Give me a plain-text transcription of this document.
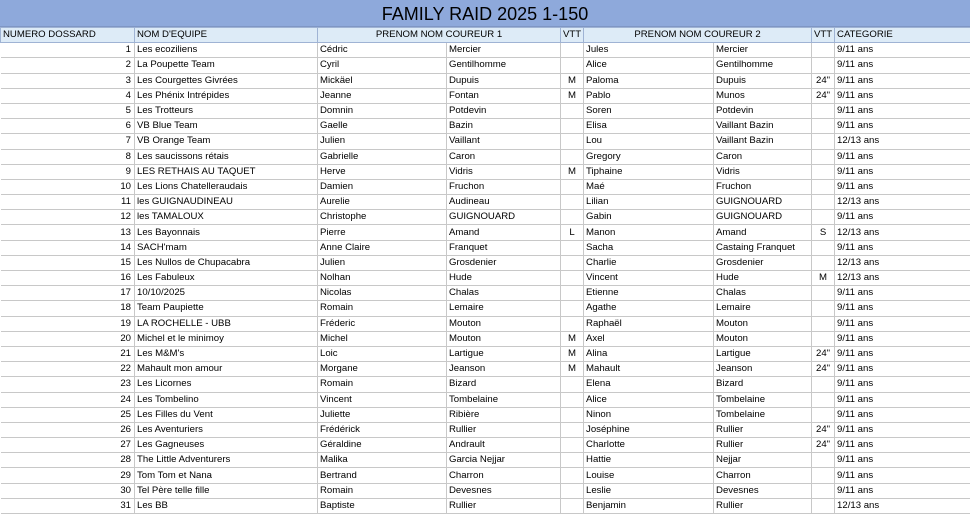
FAMILY RAID 2025 1-150
NUMERO DOSSARD	NOM D'EQUIPE	PRENOM NOM COUREUR 1		VTT	PRENOM NOM COUREUR 2		VTT	CATEGORIE
1	Les ecoziliens	Cédric	Mercier		Jules	Mercier		9/11 ans
2	La Poupette Team	Cyril	Gentilhomme		Alice	Gentilhomme		9/11 ans
3	Les Courgettes Givrées	Mickäel	Dupuis	M	Paloma	Dupuis	24"	9/11 ans
4	Les Phénix Intrépides	Jeanne	Fontan	M	Pablo	Munos	24"	9/11 ans
5	Les Trotteurs	Domnin	Potdevin		Soren	Potdevin		9/11 ans
6	VB Blue Team	Gaelle	Bazin		Elisa	Vaillant Bazin		9/11 ans
7	VB Orange Team	Julien	Vaillant		Lou	Vaillant Bazin		12/13 ans
8	Les saucissons rétais	Gabrielle	Caron		Gregory	Caron		9/11 ans
9	LES RETHAIS AU TAQUET	Herve	Vidris	M	Tiphaine	Vidris		9/11 ans
10	Les Lions Chatelleraudais	Damien	Fruchon		Maé	Fruchon		9/11 ans
11	les GUIGNAUDINEAU	Aurelie	Audineau		Lilian	GUIGNOUARD		12/13 ans
12	les TAMALOUX	Christophe	GUIGNOUARD		Gabin	GUIGNOUARD		9/11 ans
13	Les Bayonnais	Pierre	Amand	L	Manon	Amand	S	12/13 ans
14	SACH'mam	Anne Claire	Franquet		Sacha	Castaing Franquet		9/11 ans
15	Les Nullos de Chupacabra	Julien	Grosdenier		Charlie	Grosdenier		12/13 ans
16	Les Fabuleux	Nolhan	Hude		Vincent	Hude	M	12/13 ans
17	10/10/2025	Nicolas	Chalas		Etienne	Chalas		9/11 ans
18	Team Paupiette	Romain	Lemaire		Agathe	Lemaire		9/11 ans
19	LA ROCHELLE - UBB	Fréderic	Mouton		Raphaël	Mouton		9/11 ans
20	Michel et le minimoy	Michel	Mouton	M	Axel	Mouton		9/11 ans
21	Les M&M's	Loic	Lartigue	M	Alina	Lartigue	24"	9/11 ans
22	Mahault mon amour	Morgane	Jeanson	M	Mahault	Jeanson	24"	9/11 ans
23	Les Licornes	Romain	Bizard		Elena	Bizard		9/11 ans
24	Les Tombelino	Vincent	Tombelaine		Alice	Tombelaine		9/11 ans
25	Les Filles du Vent	Juliette	Ribière		Ninon	Tombelaine		9/11 ans
26	Les Aventuriers	Frédérick	Rullier		Joséphine	Rullier	24"	9/11 ans
27	Les Gagneuses	Géraldine	Andrault		Charlotte	Rullier	24"	9/11 ans
28	The Little Adventurers	Malika	Garcia Nejjar		Hattie	Nejjar		9/11 ans
29	Tom Tom et Nana	Bertrand	Charron		Louise	Charron		9/11 ans
30	Tel Père telle fille	Romain	Devesnes		Leslie	Devesnes		9/11 ans
31	Les BB	Baptiste	Rullier		Benjamin	Rullier		12/13 ans
